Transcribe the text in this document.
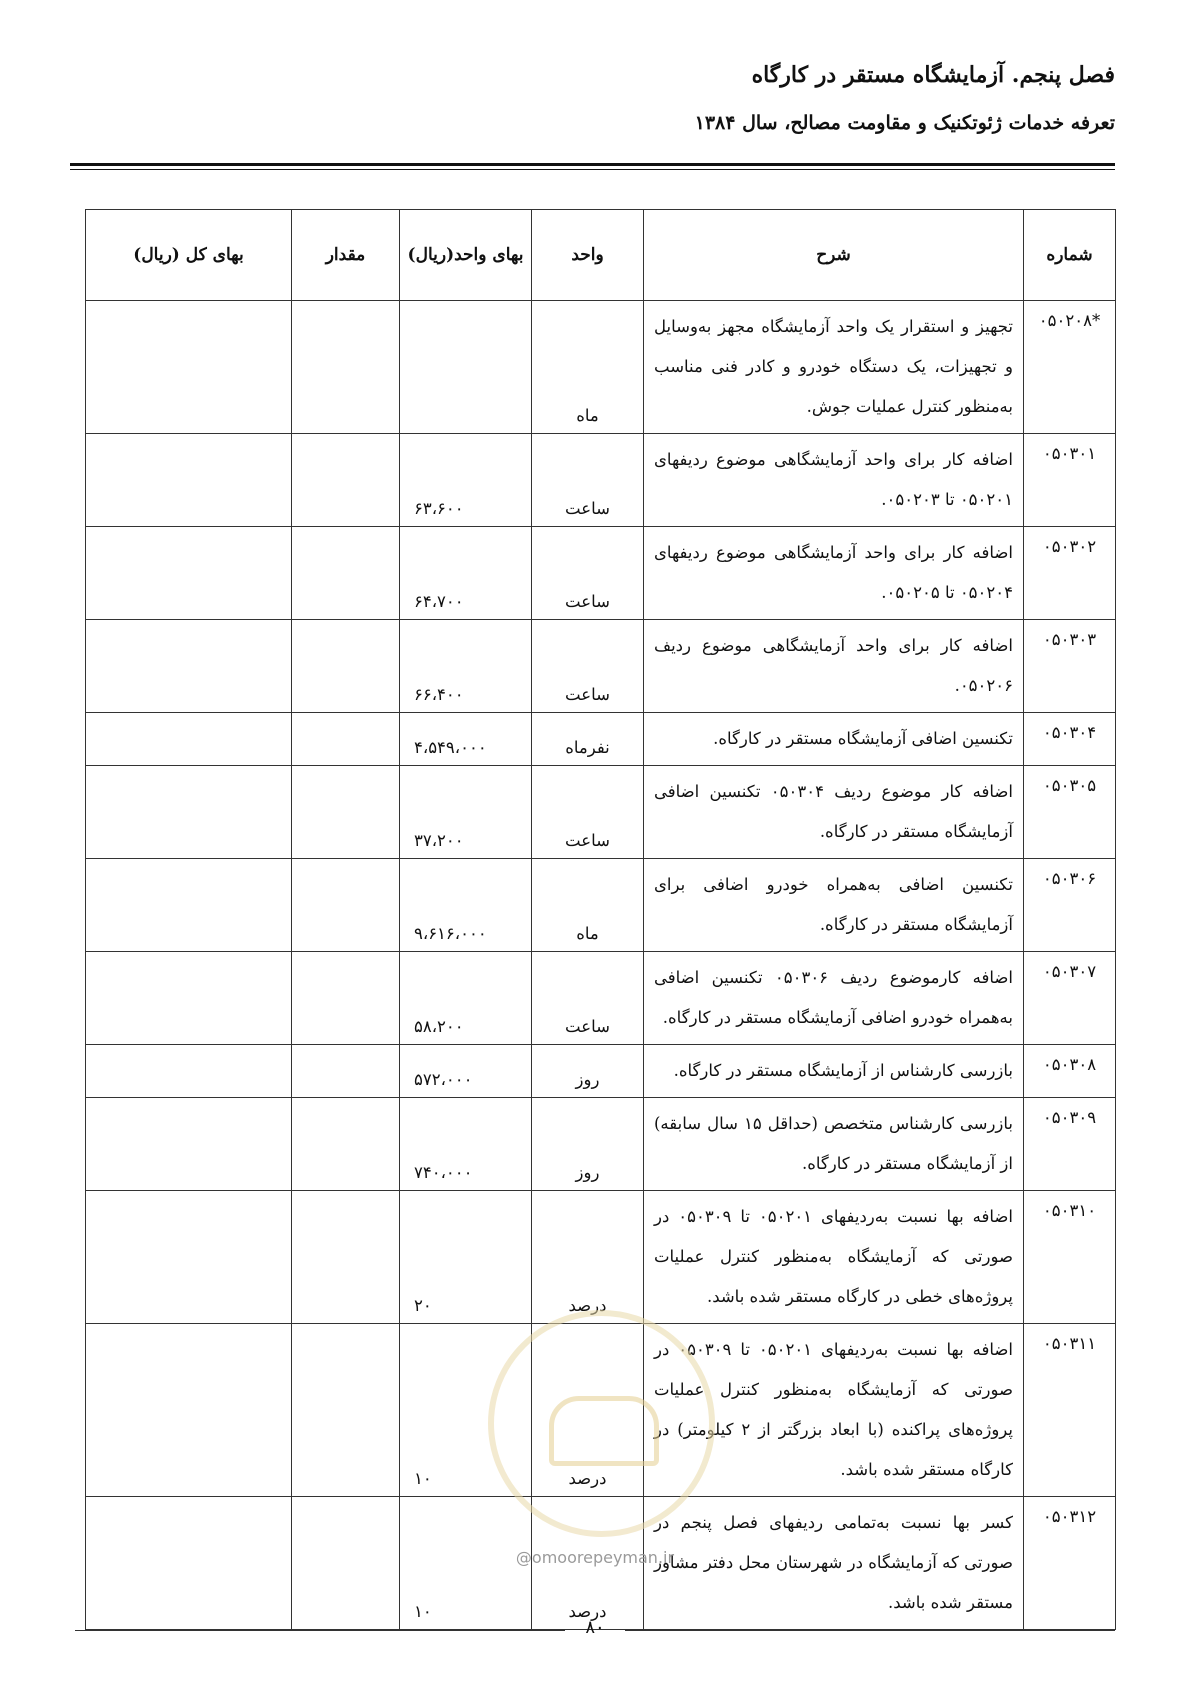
فصل پنجم. آزمایشگاه مستقر در کارگاه
تعرفه خدمات ژئوتکنیک و مقاومت مصالح، سال ۱۳۸۴
شماره	شرح	واحد	بهای واحد(ریال)	مقدار	بهای کل (ریال)
*۰۵۰۲۰۸	تجهیز و استقرار یک واحد آزمایشگاه مجهز به‌وسایل و تجهیزات، یک دستگاه خودرو و کادر فنی مناسب به‌منظور کنترل عملیات جوش.	ماه			
۰۵۰۳۰۱	اضافه کار برای واحد آزمایشگاهی موضوع ردیفهای ۰۵۰۲۰۱ تا ۰۵۰۲۰۳.	ساعت	۶۳،۶۰۰		
۰۵۰۳۰۲	اضافه کار برای واحد آزمایشگاهی موضوع ردیفهای ۰۵۰۲۰۴ تا ۰۵۰۲۰۵.	ساعت	۶۴،۷۰۰		
۰۵۰۳۰۳	اضافه کار برای واحد آزمایشگاهی موضوع ردیف ۰۵۰۲۰۶.	ساعت	۶۶،۴۰۰		
۰۵۰۳۰۴	تکنسین اضافی آزمایشگاه مستقر در کارگاه.	نفرماه	۴،۵۴۹،۰۰۰		
۰۵۰۳۰۵	اضافه کار موضوع ردیف ۰۵۰۳۰۴ تکنسین اضافی آزمایشگاه مستقر در کارگاه.	ساعت	۳۷،۲۰۰		
۰۵۰۳۰۶	تکنسین اضافی به‌همراه خودرو اضافی برای آزمایشگاه مستقر در کارگاه.	ماه	۹،۶۱۶،۰۰۰		
۰۵۰۳۰۷	اضافه کارموضوع ردیف ۰۵۰۳۰۶ تکنسین اضافی به‌همراه خودرو اضافی آزمایشگاه مستقر در کارگاه.	ساعت	۵۸،۲۰۰		
۰۵۰۳۰۸	بازرسی کارشناس از آزمایشگاه مستقر در کارگاه.	روز	۵۷۲،۰۰۰		
۰۵۰۳۰۹	بازرسی کارشناس متخصص (حداقل ۱۵ سال سابقه) از آزمایشگاه مستقر در کارگاه.	روز	۷۴۰،۰۰۰		
۰۵۰۳۱۰	اضافه بها نسبت به‌ردیفهای ۰۵۰۲۰۱ تا ۰۵۰۳۰۹ در صورتی که آزمایشگاه به‌منظور کنترل عملیات پروژه‌های خطی در کارگاه مستقر شده باشد.	درصد	۲۰		
۰۵۰۳۱۱	اضافه بها نسبت به‌ردیفهای ۰۵۰۲۰۱ تا ۰۵۰۳۰۹ در صورتی که آزمایشگاه به‌منظور کنترل عملیات پروژه‌های پراکنده (با ابعاد بزرگتر از ۲ کیلومتر) در کارگاه مستقر شده باشد.	درصد	۱۰		
۰۵۰۳۱۲	کسر بها نسبت به‌تمامی ردیفهای فصل پنجم در صورتی که آزمایشگاه در شهرستان محل دفتر مشاور مستقر شده باشد.	درصد	۱۰		
@omoorepeyman.ir
۸۰
